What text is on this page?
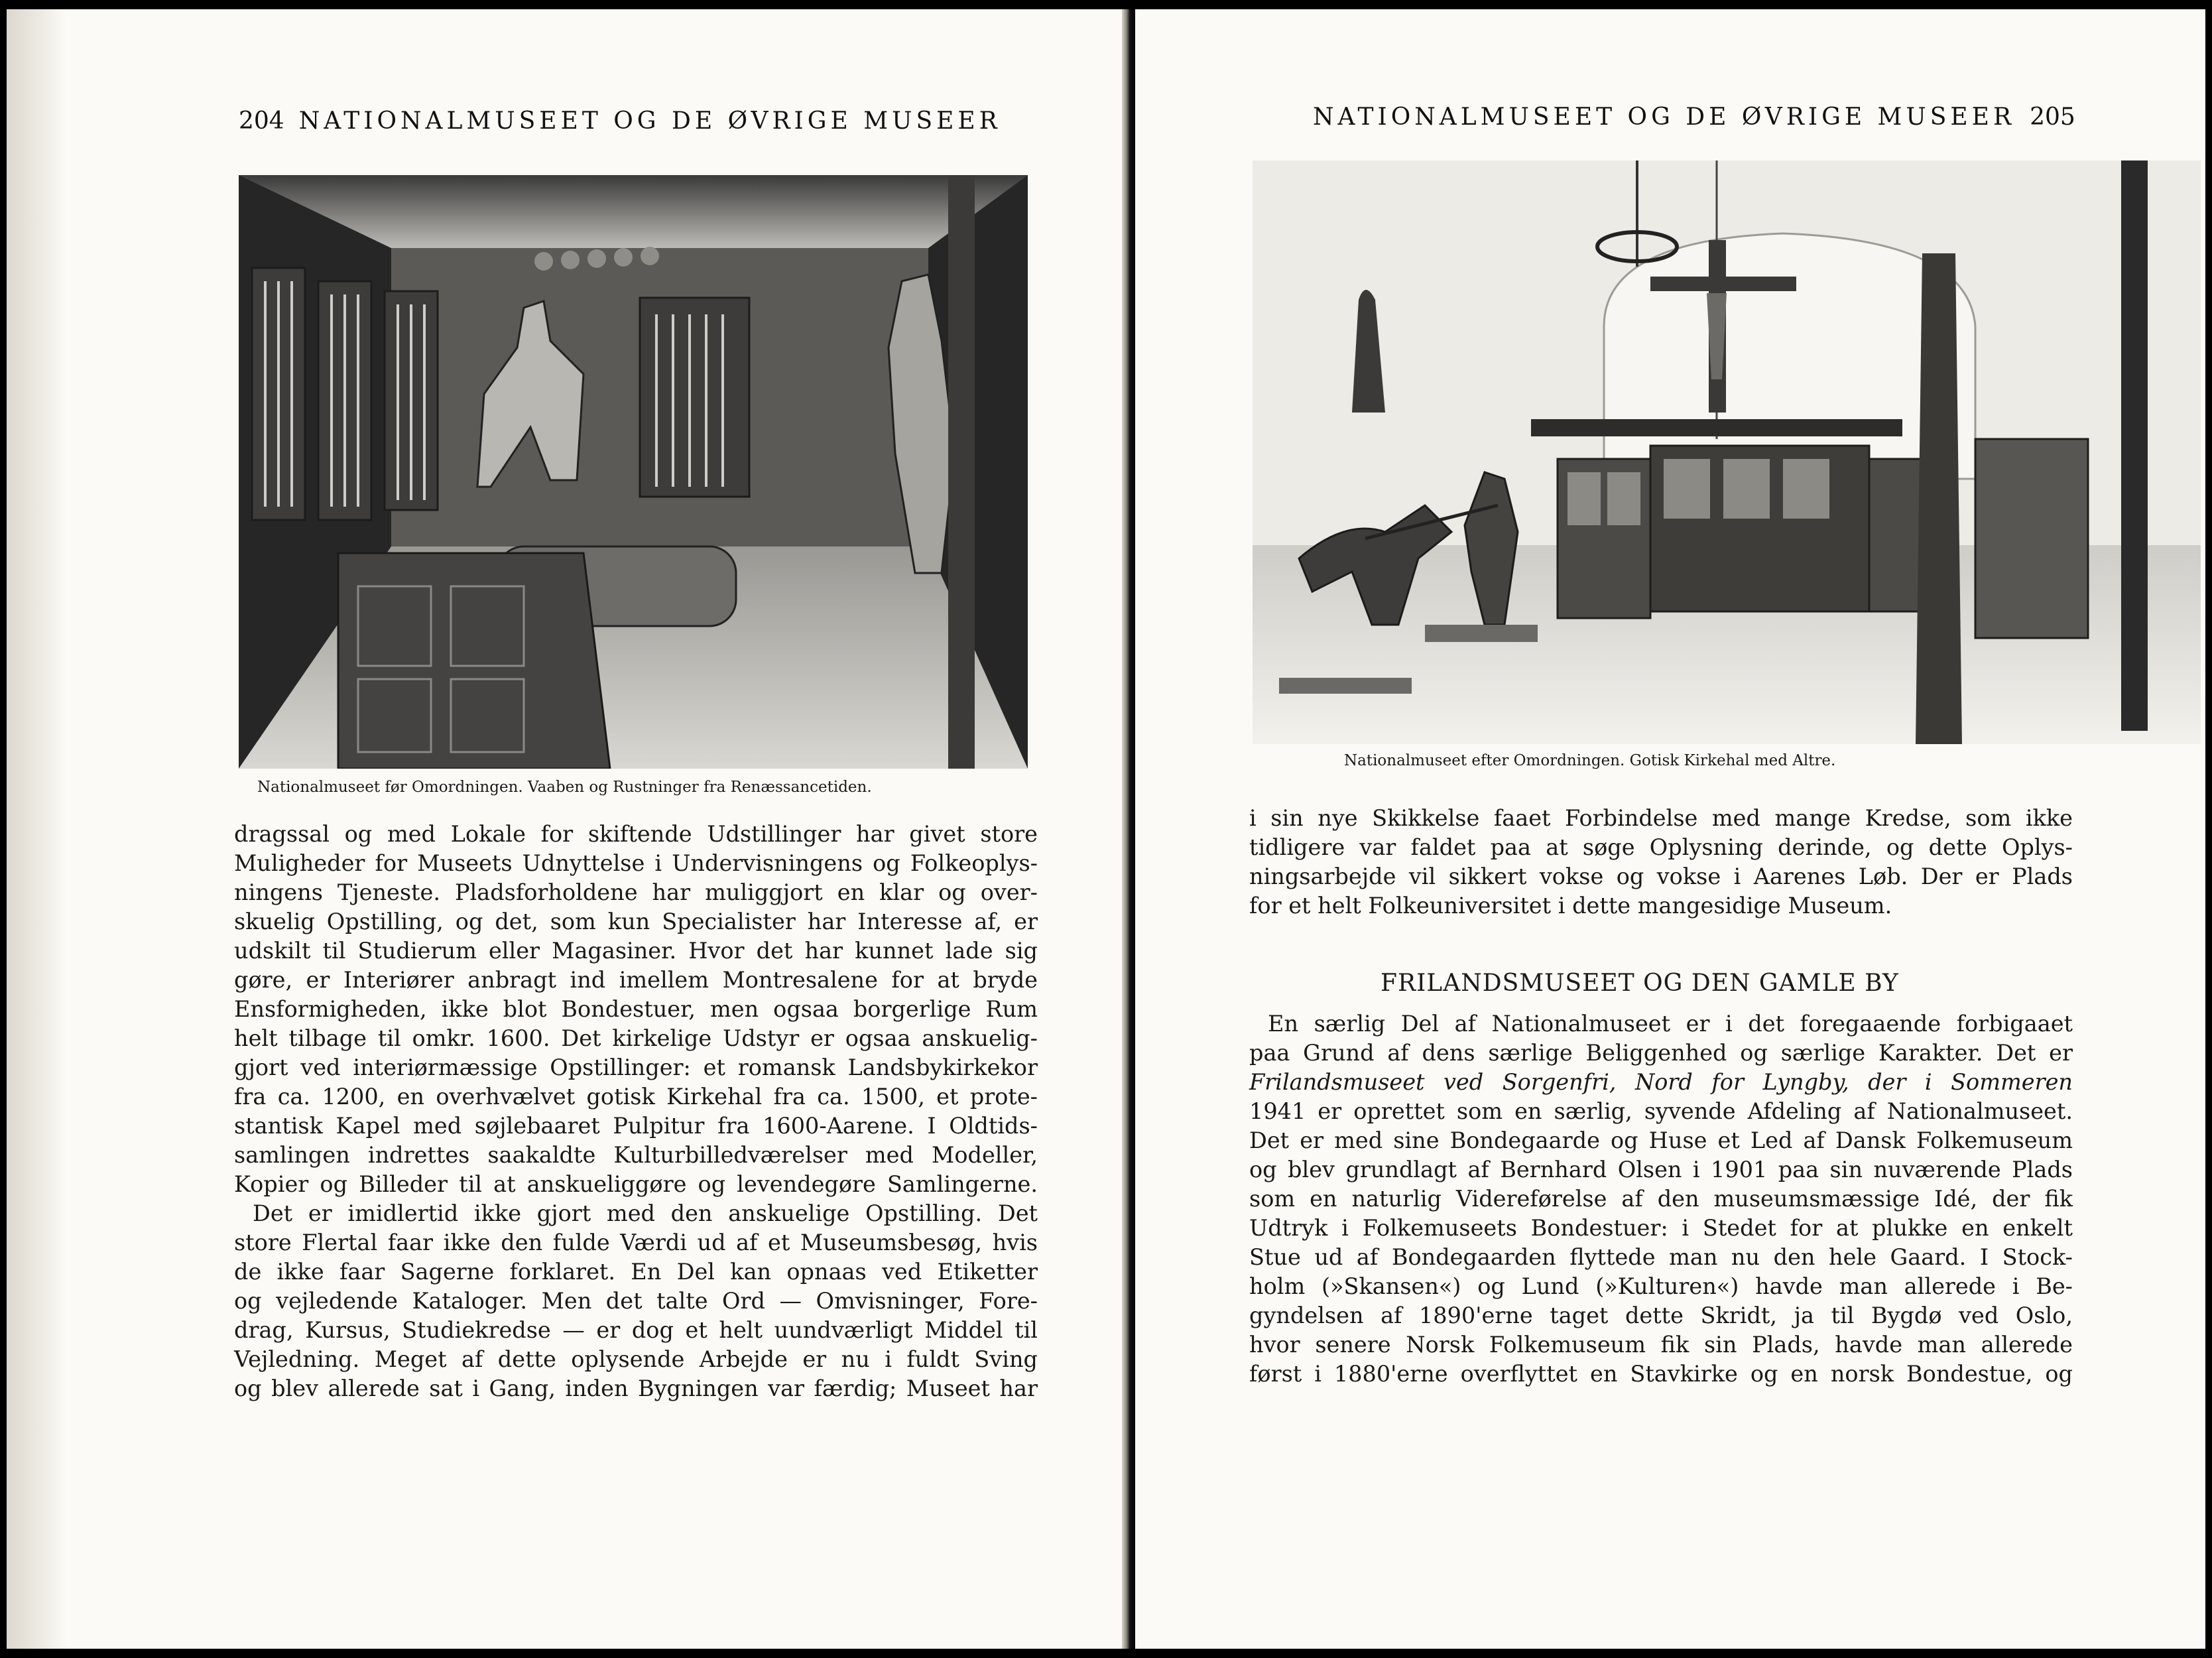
204 NATIONALMUSEET OG DE ØVRIGE MUSEER
Nationalmuseet før Omordningen. Vaaben og Rustninger fra Renæssancetiden.
dragssal og med Lokale for skiftende Udstillinger har givet store
Muligheder for Museets Udnyttelse i Undervisningens og Folkeoplys-
ningens Tjeneste. Pladsforholdene har muliggjort en klar og over-
skuelig Opstilling, og det, som kun Specialister har Interesse af, er
udskilt til Studierum eller Magasiner. Hvor det har kunnet lade sig
gøre, er Interiører anbragt ind imellem Montresalene for at bryde
Ensformigheden, ikke blot Bondestuer, men ogsaa borgerlige Rum
helt tilbage til omkr. 1600. Det kirkelige Udstyr er ogsaa anskuelig-
gjort ved interiørmæssige Opstillinger: et romansk Landsbykirkekor
fra ca. 1200, en overhvælvet gotisk Kirkehal fra ca. 1500, et prote-
stantisk Kapel med søjlebaaret Pulpitur fra 1600-Aarene. I Oldtids-
samlingen indrettes saakaldte Kulturbilledværelser med Modeller,
Kopier og Billeder til at anskueliggøre og levendegøre Samlingerne.
Det er imidlertid ikke gjort med den anskuelige Opstilling. Det
store Flertal faar ikke den fulde Værdi ud af et Museumsbesøg, hvis
de ikke faar Sagerne forklaret. En Del kan opnaas ved Etiketter
og vejledende Kataloger. Men det talte Ord — Omvisninger, Fore-
drag, Kursus, Studiekredse — er dog et helt uundværligt Middel til
Vejledning. Meget af dette oplysende Arbejde er nu i fuldt Sving
og blev allerede sat i Gang, inden Bygningen var færdig; Museet har
NATIONALMUSEET OG DE ØVRIGE MUSEER 205
Nationalmuseet efter Omordningen. Gotisk Kirkehal med Altre.
i sin nye Skikkelse faaet Forbindelse med mange Kredse, som ikke
tidligere var faldet paa at søge Oplysning derinde, og dette Oplys-
ningsarbejde vil sikkert vokse og vokse i Aarenes Løb. Der er Plads
for et helt Folkeuniversitet i dette mangesidige Museum.
FRILANDSMUSEET OG DEN GAMLE BY
En særlig Del af Nationalmuseet er i det foregaaende forbigaaet
paa Grund af dens særlige Beliggenhed og særlige Karakter. Det er
Frilandsmuseet ved Sorgenfri, Nord for Lyngby, der i Sommeren
1941 er oprettet som en særlig, syvende Afdeling af Nationalmuseet.
Det er med sine Bondegaarde og Huse et Led af Dansk Folkemuseum
og blev grundlagt af Bernhard Olsen i 1901 paa sin nuværende Plads
som en naturlig Videreførelse af den museumsmæssige Idé, der fik
Udtryk i Folkemuseets Bondestuer: i Stedet for at plukke en enkelt
Stue ud af Bondegaarden flyttede man nu den hele Gaard. I Stock-
holm (»Skansen«) og Lund (»Kulturen«) havde man allerede i Be-
gyndelsen af 1890'erne taget dette Skridt, ja til Bygdø ved Oslo,
hvor senere Norsk Folkemuseum fik sin Plads, havde man allerede
først i 1880'erne overflyttet en Stavkirke og en norsk Bondestue, og
